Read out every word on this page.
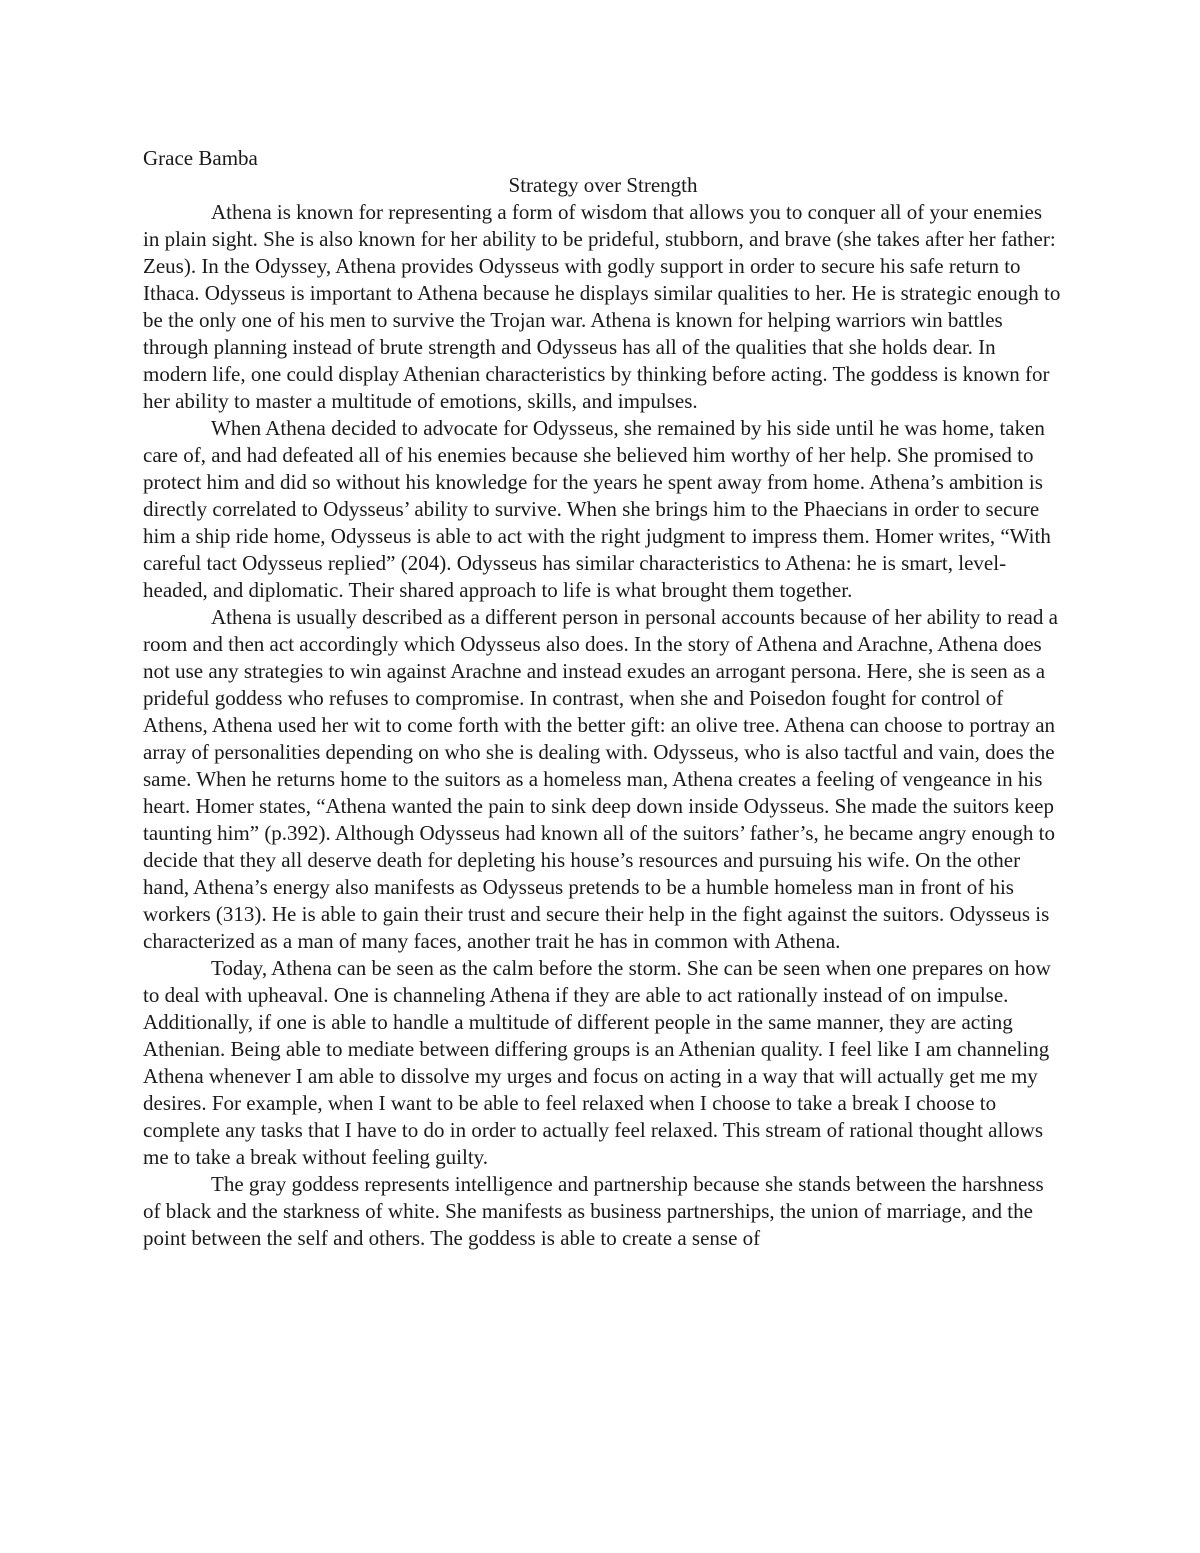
Grace Bamba

Strategy over Strength

Athena is known for representing a form of wisdom that allows you to conquer all of your enemies in plain sight. She is also known for her ability to be prideful, stubborn, and brave (she takes after her father: Zeus). In the Odyssey, Athena provides Odysseus with godly support in order to secure his safe return to Ithaca. Odysseus is important to Athena because he displays similar qualities to her. He is strategic enough to be the only one of his men to survive the Trojan war. Athena is known for helping warriors win battles through planning instead of brute strength and Odysseus has all of the qualities that she holds dear. In modern life, one could display Athenian characteristics by thinking before acting. The goddess is known for her ability to master a multitude of emotions, skills, and impulses.

When Athena decided to advocate for Odysseus, she remained by his side until he was home, taken care of, and had defeated all of his enemies because she believed him worthy of her help. She promised to protect him and did so without his knowledge for the years he spent away from home. Athena’s ambition is directly correlated to Odysseus’ ability to survive. When she brings him to the Phaecians in order to secure him a ship ride home, Odysseus is able to act with the right judgment to impress them. Homer writes, “With careful tact Odysseus replied” (204). Odysseus has similar characteristics to Athena: he is smart, level-headed, and diplomatic. Their shared approach to life is what brought them together.

Athena is usually described as a different person in personal accounts because of her ability to read a room and then act accordingly which Odysseus also does. In the story of Athena and Arachne, Athena does not use any strategies to win against Arachne and instead exudes an arrogant persona. Here, she is seen as a prideful goddess who refuses to compromise. In contrast, when she and Poisedon fought for control of Athens, Athena used her wit to come forth with the better gift: an olive tree. Athena can choose to portray an array of personalities depending on who she is dealing with. Odysseus, who is also tactful and vain, does the same. When he returns home to the suitors as a homeless man, Athena creates a feeling of vengeance in his heart. Homer states, “Athena wanted the pain to sink deep down inside Odysseus. She made the suitors keep taunting him” (p.392). Although Odysseus had known all of the suitors’ father’s, he became angry enough to decide that they all deserve death for depleting his house’s resources and pursuing his wife. On the other hand, Athena’s energy also manifests as Odysseus pretends to be a humble homeless man in front of his workers (313). He is able to gain their trust and secure their help in the fight against the suitors. Odysseus is characterized as a man of many faces, another trait he has in common with Athena.

Today, Athena can be seen as the calm before the storm. She can be seen when one prepares on how to deal with upheaval. One is channeling Athena if they are able to act rationally instead of on impulse. Additionally, if one is able to handle a multitude of different people in the same manner, they are acting Athenian. Being able to mediate between differing groups is an Athenian quality. I feel like I am channeling Athena whenever I am able to dissolve my urges and focus on acting in a way that will actually get me my desires. For example, when I want to be able to feel relaxed when I choose to take a break I choose to complete any tasks that I have to do in order to actually feel relaxed. This stream of rational thought allows me to take a break without feeling guilty.

The gray goddess represents intelligence and partnership because she stands between the harshness of black and the starkness of white. She manifests as business partnerships, the union of marriage, and the point between the self and others. The goddess is able to create a sense of
